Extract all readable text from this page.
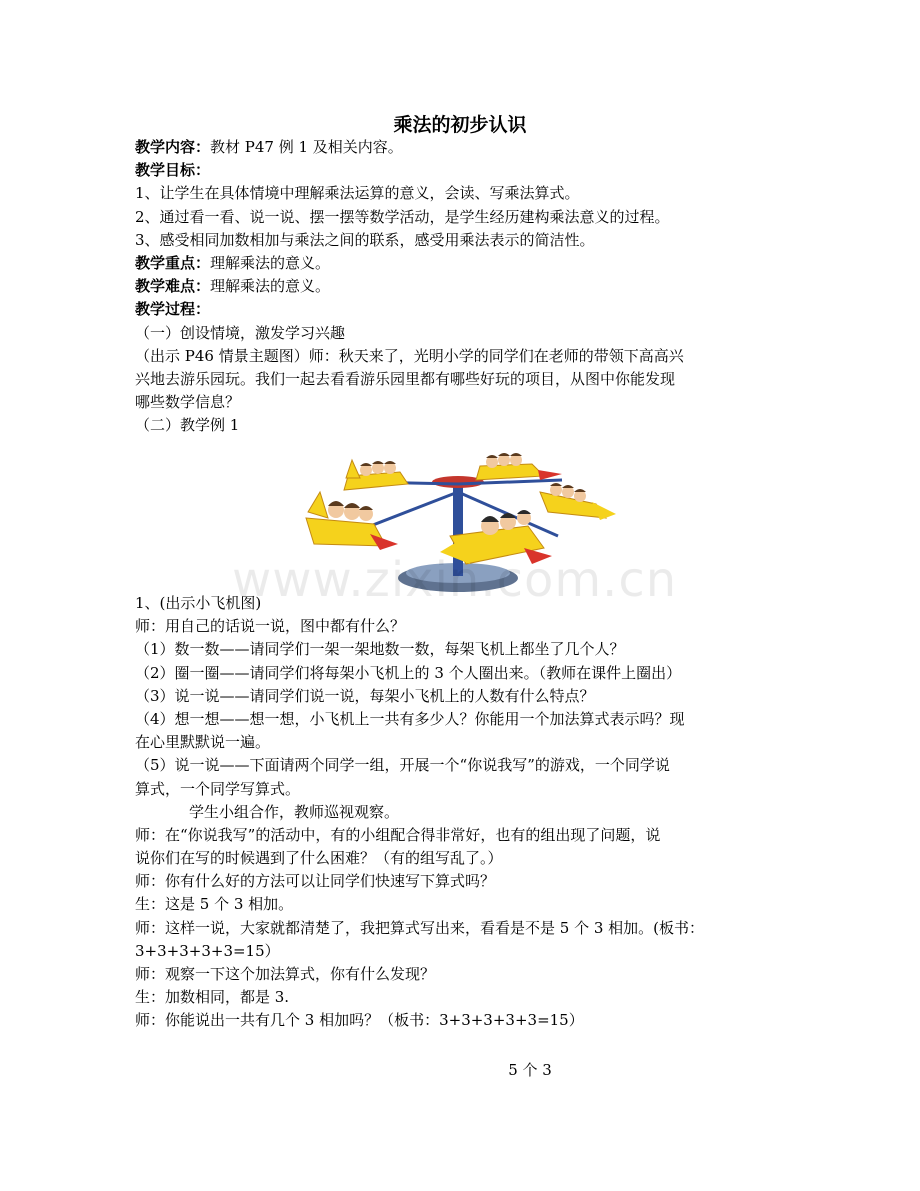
乘法的初步认识
教学内容：教材 P47 例 1 及相关内容。
教学目标：
1、让学生在具体情境中理解乘法运算的意义，会读、写乘法算式。
2、通过看一看、说一说、摆一摆等数学活动，是学生经历建构乘法意义的过程。
3、感受相同加数相加与乘法之间的联系，感受用乘法表示的简洁性。
教学重点：理解乘法的意义。
教学难点：理解乘法的意义。
教学过程：
（一）创设情境，激发学习兴趣
（出示 P46 情景主题图）师：秋天来了，光明小学的同学们在老师的带领下高高兴
兴地去游乐园玩。我们一起去看看游乐园里都有哪些好玩的项目，从图中你能发现
哪些数学信息？
（二）教学例 1
www.zixin.com.cn
1、(出示小飞机图)
师：用自己的话说一说，图中都有什么？
（1）数一数——请同学们一架一架地数一数，每架飞机上都坐了几个人？
（2）圈一圈——请同学们将每架小飞机上的 3 个人圈出来。（教师在课件上圈出）
（3）说一说——请同学们说一说，每架小飞机上的人数有什么特点？
（4）想一想——想一想，小飞机上一共有多少人？你能用一个加法算式表示吗？现
在心里默默说一遍。
（5）说一说——下面请两个同学一组，开展一个“你说我写”的游戏，一个同学说
算式，一个同学写算式。
学生小组合作，教师巡视观察。
师：在“你说我写”的活动中，有的小组配合得非常好，也有的组出现了问题，说
说你们在写的时候遇到了什么困难？（有的组写乱了。）
师：你有什么好的方法可以让同学们快速写下算式吗？
生：这是 5 个 3 相加。
师：这样一说，大家就都清楚了，我把算式写出来，看看是不是 5 个 3 相加。(板书：
3+3+3+3+3=15）
师：观察一下这个加法算式，你有什么发现？
生：加数相同，都是 3.
师：你能说出一共有几个 3 相加吗？（板书：3+3+3+3+3=15）
5 个 3
